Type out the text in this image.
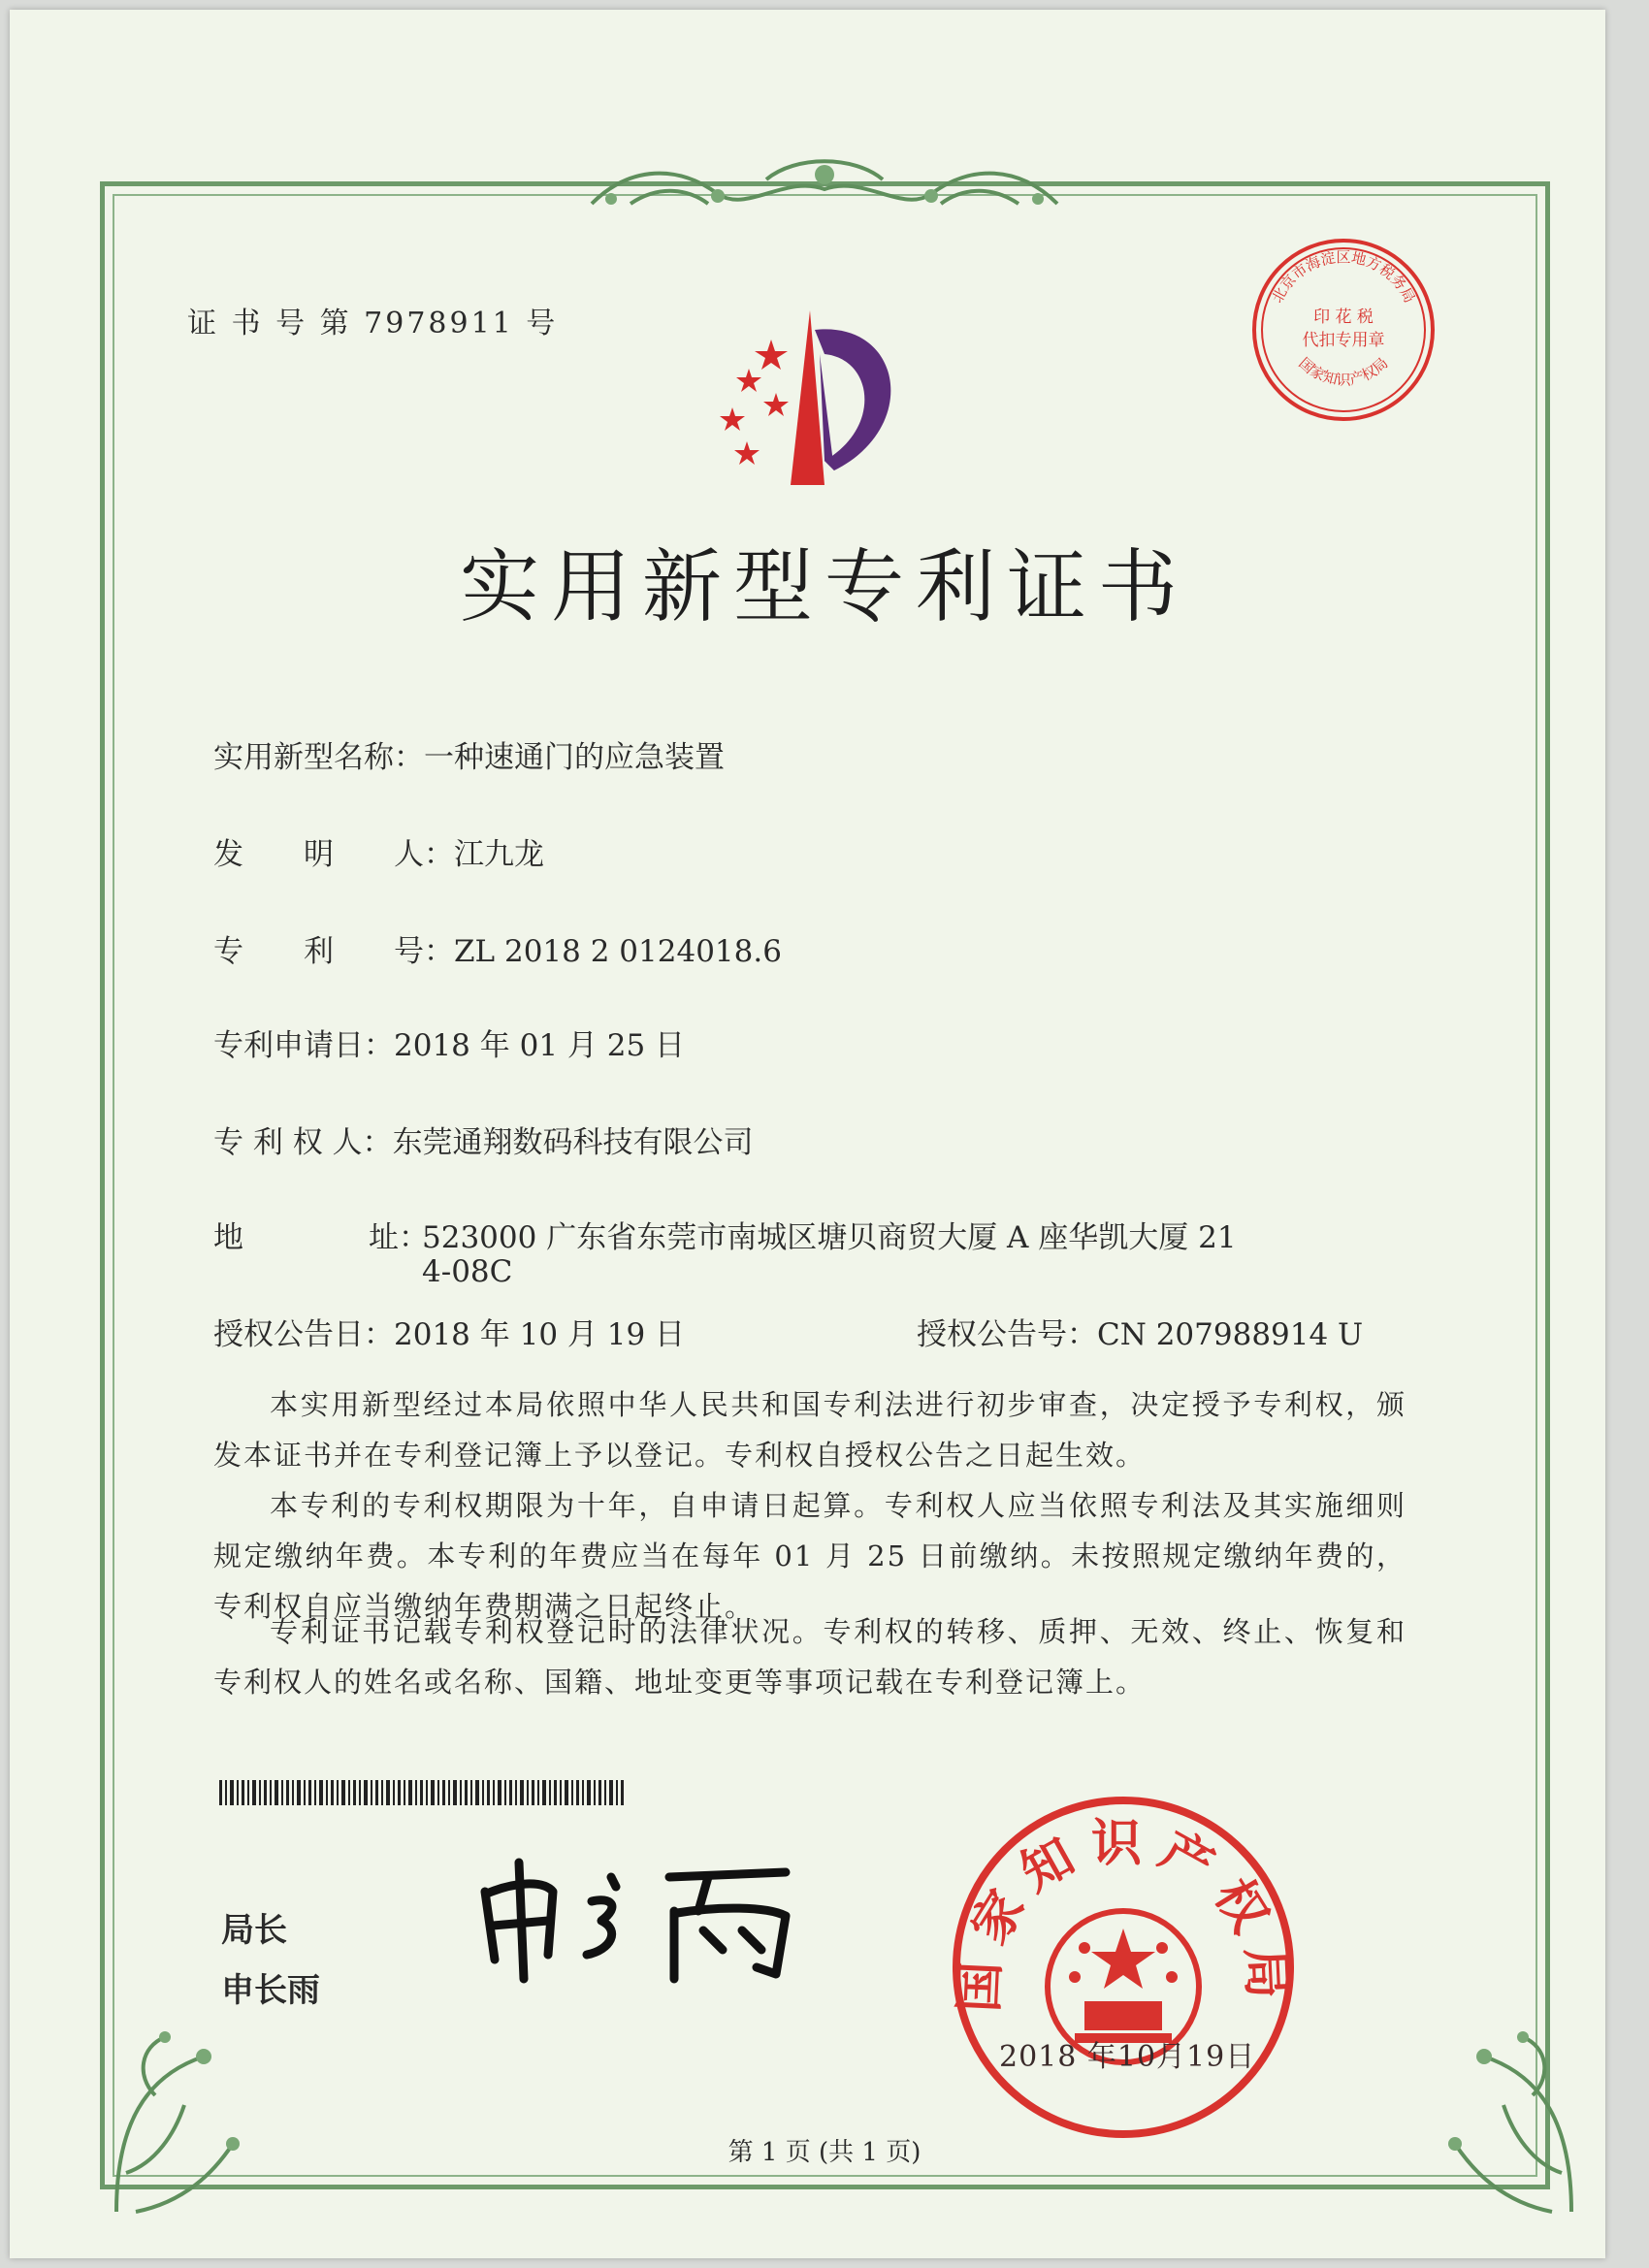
证 书 号 第 7978911 号
北京市海淀区地方税务局
印 花 税
代扣专用章
国家知识产权局
实用新型专利证书
实用新型名称：一种速通门的应急装置
发　　明　　人：江九龙
专　　利　　号：ZL 2018 2 0124018.6
专利申请日：2018 年 01 月 25 日
专 利 权 人：东莞通翔数码科技有限公司
地	址：
523000 广东省东莞市南城区塘贝商贸大厦 A 座华凯大厦 21
4-08C
授权公告日：2018 年 10 月 19 日	授权公告号：CN 207988914 U
本实用新型经过本局依照中华人民共和国专利法进行初步审查，决定授予专利权，颁发本证书并在专利登记簿上予以登记。专利权自授权公告之日起生效。
本专利的专利权期限为十年，自申请日起算。专利权人应当依照专利法及其实施细则规定缴纳年费。本专利的年费应当在每年 01 月 25 日前缴纳。未按照规定缴纳年费的，专利权自应当缴纳年费期满之日起终止。
专利证书记载专利权登记时的法律状况。专利权的转移、质押、无效、终止、恢复和专利权人的姓名或名称、国籍、地址变更等事项记载在专利登记簿上。
局长
申长雨	国家知识产权局
2018 年10月19日
第 1 页 (共 1 页)
